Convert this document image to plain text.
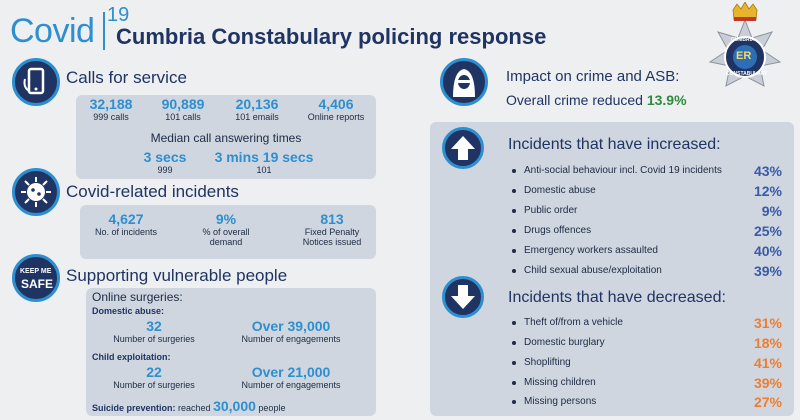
Covid 19
Cumbria Constabulary policing response
ER
CUMBRIA
CONSTABULARY
Calls for service
32,188
999 calls
90,889
101 calls
20,136
101 emails
4,406
Online reports
Median call answering times
3 secs
999
3 mins 19 secs
101
Covid-related incidents
4,627
No. of incidents
9%
% of overall
demand
813
Fixed Penalty
Notices issued
KEEP ME
SAFE Supporting vulnerable people
Online surgeries:
Domestic abuse:
32
Number of surgeries
Over 39,000
Number of engagements
Child exploitation:
22
Number of surgeries
Over 21,000
Number of engagements
Suicide prevention: reached 30,000 people
Impact on crime and ASB:
Overall crime reduced 13.9%
Incidents that have increased:
Anti-social behaviour incl. Covid 19 incidents 43%
Domestic abuse	12%
Public order	9%
Drugs offences	25%
Emergency workers assaulted	40%
Child sexual abuse/exploitation	39%
Incidents that have decreased:
Theft of/from a vehicle	31%
Domestic burglary	18%
Shoplifting	41%
Missing children	39%
Missing persons	27%
